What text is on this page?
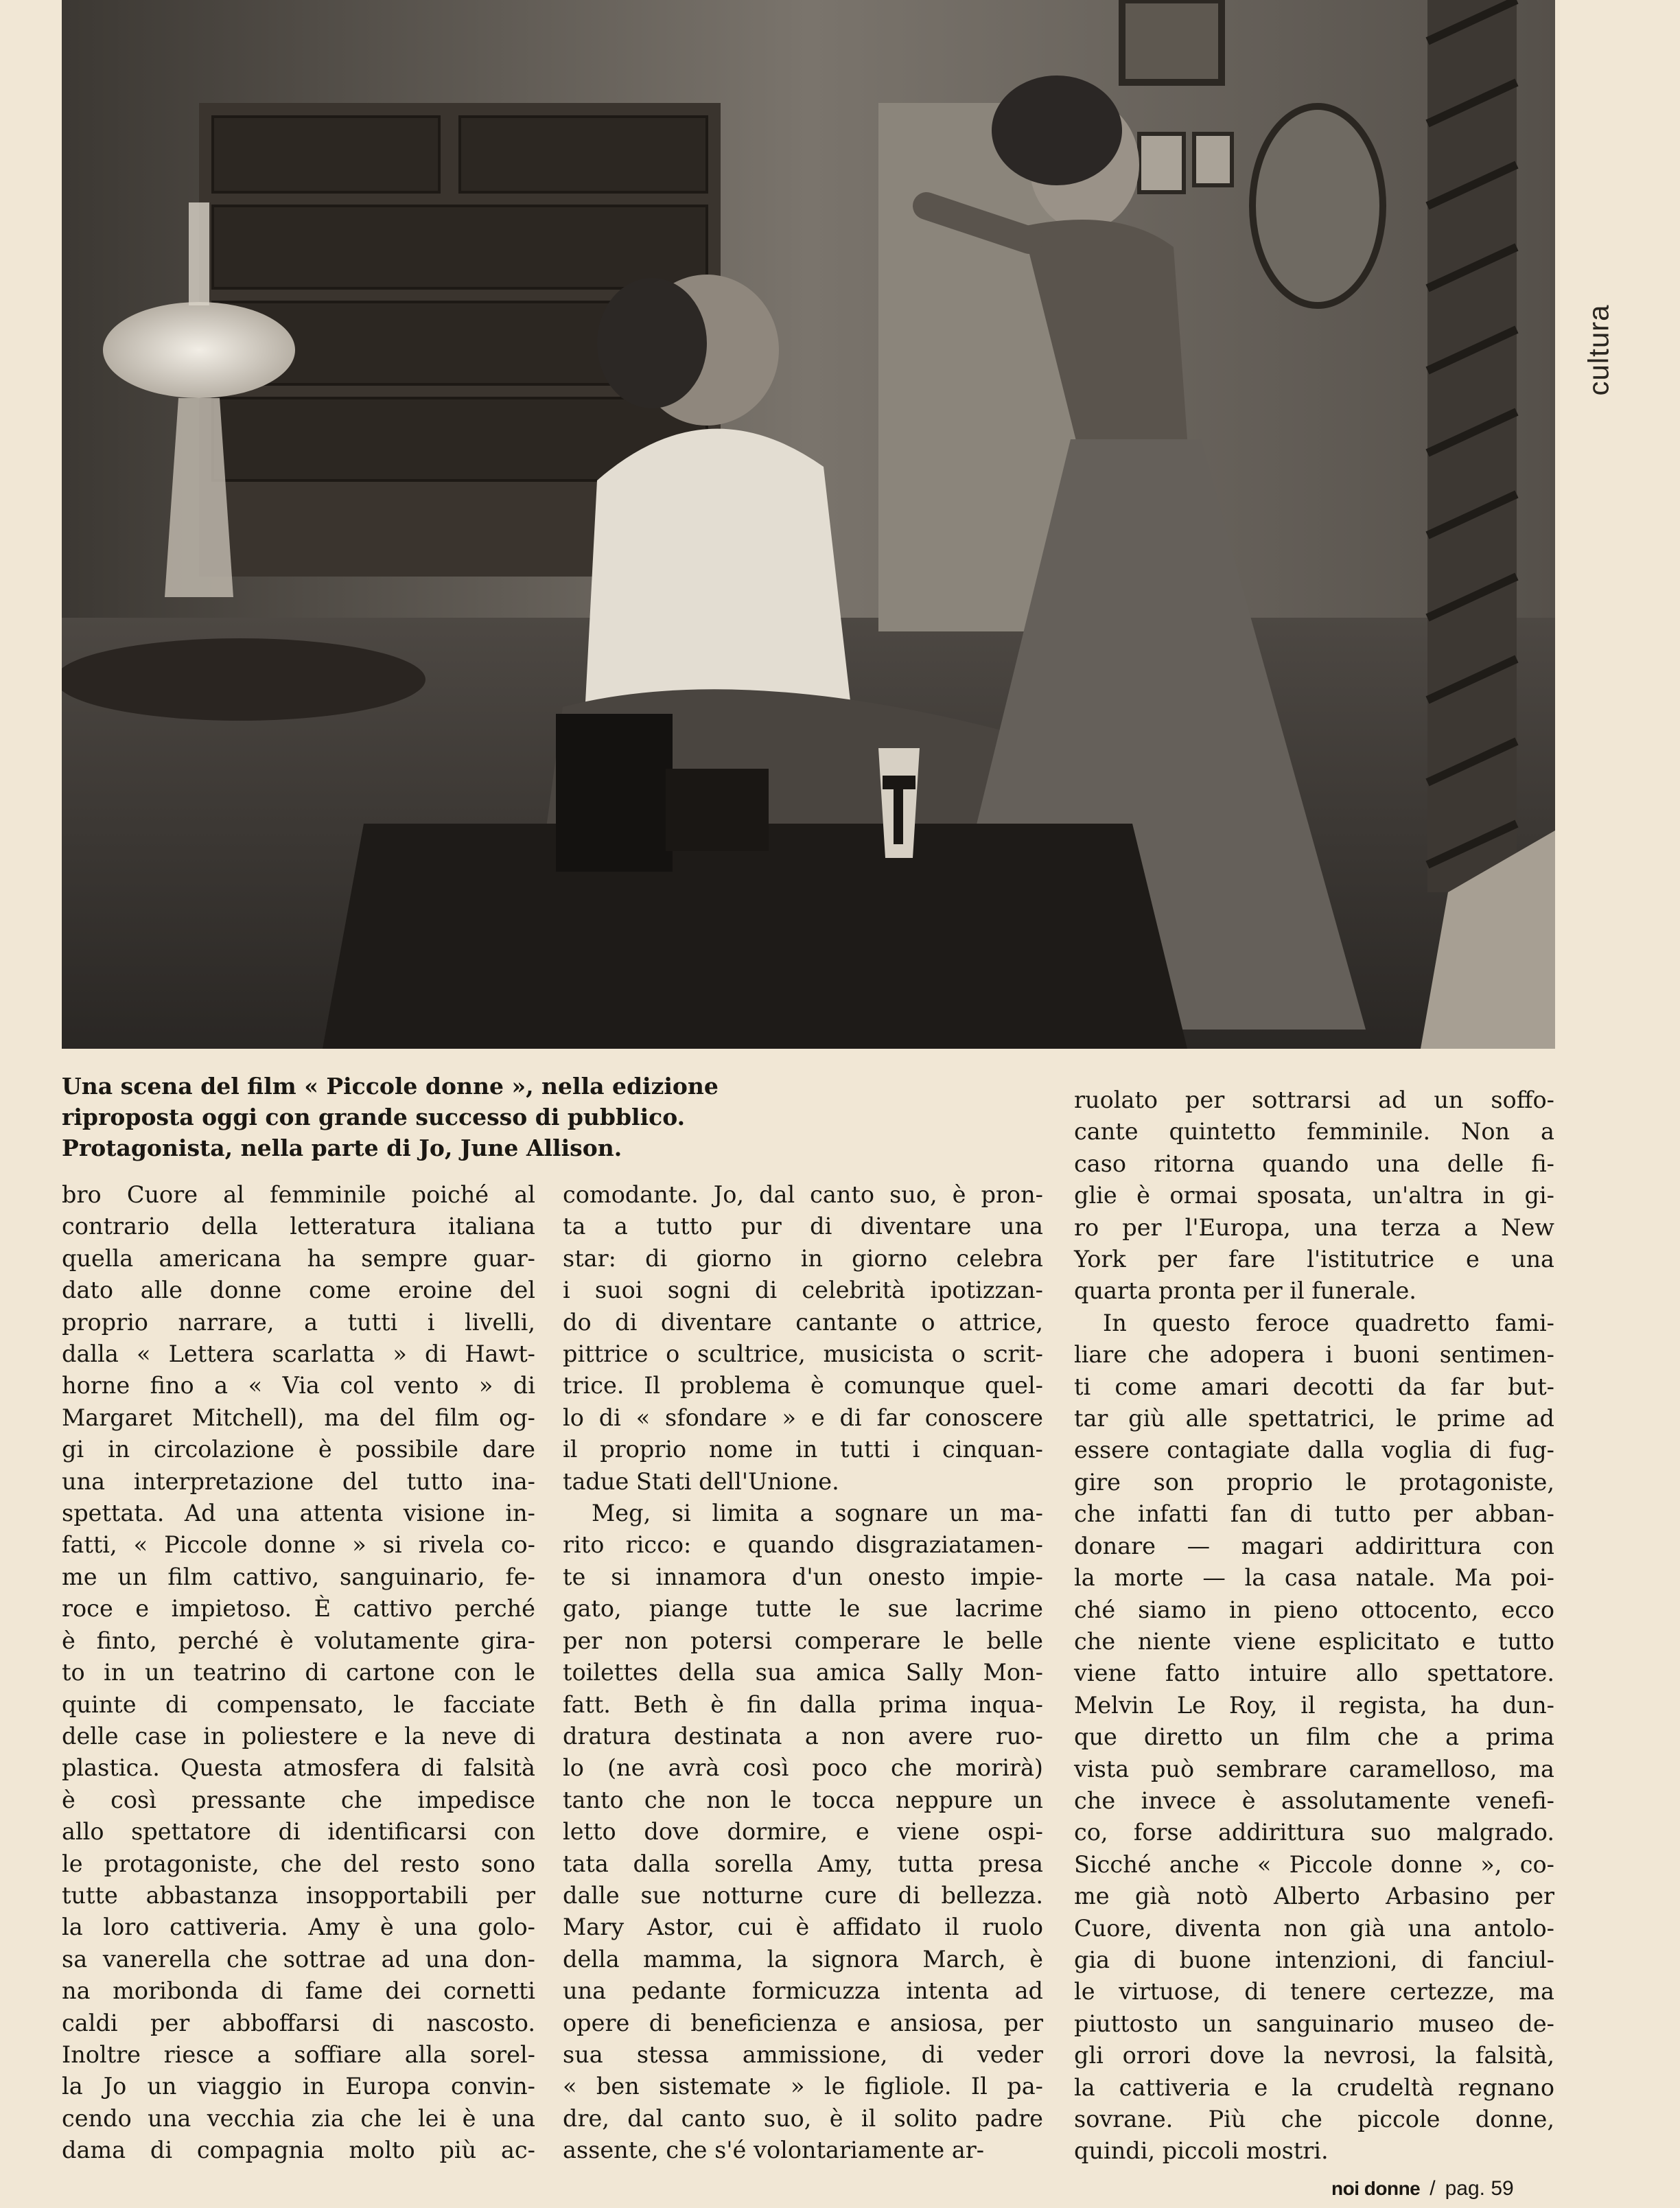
cultura
Una scena del film « Piccole donne », nella edizione
riproposta oggi con grande successo di pubblico.
Protagonista, nella parte di Jo, June Allison.
bro Cuore al femminile poiché al
contrario della letteratura italiana
quella americana ha sempre guar-
dato alle donne come eroine del
proprio narrare, a tutti i livelli,
dalla « Lettera scarlatta » di Hawt-
horne fino a « Via col vento » di
Margaret Mitchell), ma del film og-
gi in circolazione è possibile dare
una interpretazione del tutto ina-
spettata. Ad una attenta visione in-
fatti, « Piccole donne » si rivela co-
me un film cattivo, sanguinario, fe-
roce e impietoso. È cattivo perché
è finto, perché è volutamente gira-
to in un teatrino di cartone con le
quinte di compensato, le facciate
delle case in poliestere e la neve di
plastica. Questa atmosfera di falsità
è così pressante che impedisce
allo spettatore di identificarsi con
le protagoniste, che del resto sono
tutte abbastanza insopportabili per
la loro cattiveria. Amy è una golo-
sa vanerella che sottrae ad una don-
na moribonda di fame dei cornetti
caldi per abboffarsi di nascosto.
Inoltre riesce a soffiare alla sorel-
la Jo un viaggio in Europa convin-
cendo una vecchia zia che lei è una
dama di compagnia molto più ac-
comodante. Jo, dal canto suo, è pron-
ta a tutto pur di diventare una
star: di giorno in giorno celebra
i suoi sogni di celebrità ipotizzan-
do di diventare cantante o attrice,
pittrice o scultrice, musicista o scrit-
trice. Il problema è comunque quel-
lo di « sfondare » e di far conoscere
il proprio nome in tutti i cinquan-
tadue Stati dell'Unione.
Meg, si limita a sognare un ma-
rito ricco: e quando disgraziatamen-
te si innamora d'un onesto impie-
gato, piange tutte le sue lacrime
per non potersi comperare le belle
toilettes della sua amica Sally Mon-
fatt. Beth è fin dalla prima inqua-
dratura destinata a non avere ruo-
lo (ne avrà così poco che morirà)
tanto che non le tocca neppure un
letto dove dormire, e viene ospi-
tata dalla sorella Amy, tutta presa
dalle sue notturne cure di bellezza.
Mary Astor, cui è affidato il ruolo
della mamma, la signora March, è
una pedante formicuzza intenta ad
opere di beneficienza e ansiosa, per
sua stessa ammissione, di veder
« ben sistemate » le figliole. Il pa-
dre, dal canto suo, è il solito padre
assente, che s'é volontariamente ar-
ruolato per sottrarsi ad un soffo-
cante quintetto femminile. Non a
caso ritorna quando una delle fi-
glie è ormai sposata, un'altra in gi-
ro per l'Europa, una terza a New
York per fare l'istitutrice e una
quarta pronta per il funerale.
In questo feroce quadretto fami-
liare che adopera i buoni sentimen-
ti come amari decotti da far but-
tar giù alle spettatrici, le prime ad
essere contagiate dalla voglia di fug-
gire son proprio le protagoniste,
che infatti fan di tutto per abban-
donare — magari addirittura con
la morte — la casa natale. Ma poi-
ché siamo in pieno ottocento, ecco
che niente viene esplicitato e tutto
viene fatto intuire allo spettatore.
Melvin Le Roy, il regista, ha dun-
que diretto un film che a prima
vista può sembrare caramelloso, ma
che invece è assolutamente venefi-
co, forse addirittura suo malgrado.
Sicché anche « Piccole donne », co-
me già notò Alberto Arbasino per
Cuore, diventa non già una antolo-
gia di buone intenzioni, di fanciul-
le virtuose, di tenere certezze, ma
piuttosto un sanguinario museo de-
gli orrori dove la nevrosi, la falsità,
la cattiveria e la crudeltà regnano
sovrane. Più che piccole donne,
quindi, piccoli mostri.
noi donne / pag. 59
